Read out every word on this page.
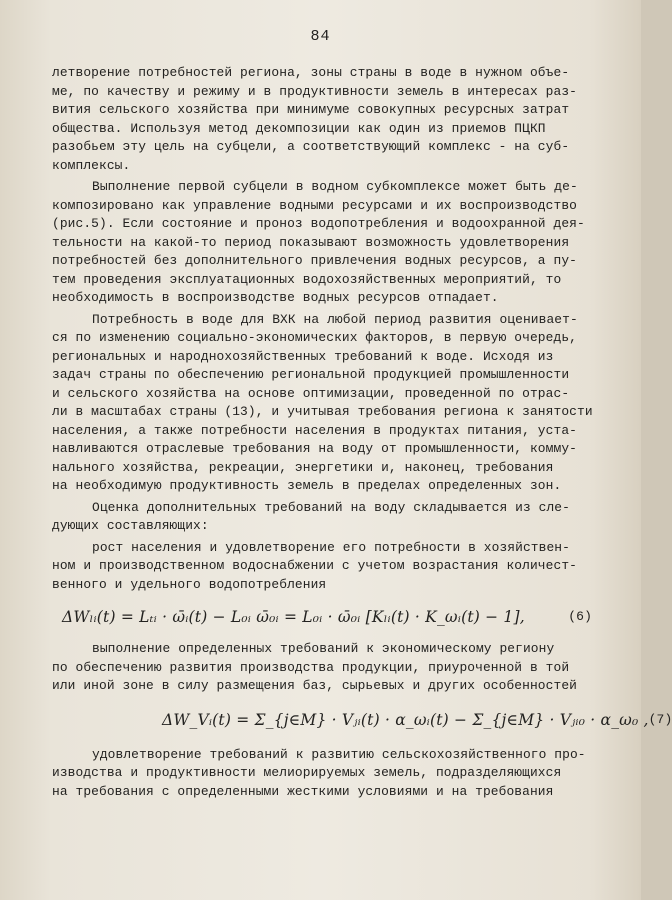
84

летворение потребностей региона, зоны страны в воде в нужном объе-

ме, по качеству и режиму и в продуктивности земель в интересах раз-

вития сельского хозяйства при минимуме совокупных ресурсных затрат

общества. Используя метод декомпозиции как один из приемов ПЦКП

разобьем эту цель на субцели, а соответствующий комплекс - на суб-

комплексы.

Выполнение первой субцели в водном субкомплексе может быть де-

композировано как управление водными ресурсами и их воспроизводство

(рис.5). Если состояние и проноз водопотребления и водоохранной дея-

тельности на какой-то период показывают возможность удовлетворения

потребностей без дополнительного привлечения водных ресурсов, а пу-

тем проведения эксплуатационных водохозяйственных мероприятий, то

необходимость в воспроизводстве водных ресурсов отпадает.

Потребность в воде для ВХК на любой период развития оценивает-

ся по изменению социально-экономических факторов, в первую очередь,

региональных и народнохозяйственных требований к воде. Исходя из

задач страны по обеспечению региональной продукцией промышленности

и сельского хозяйства на основе оптимизации, проведенной по отрас-

ли в масштабах страны (13), и учитывая требования региона к занятости

населения, а также потребности населения в продуктах питания, уста-

навливаются отраслевые требования на воду от промышленности, комму-

нального хозяйства, рекреации, энергетики и, наконец, требования

на необходимую продуктивность земель в пределах определенных зон.

Оценка дополнительных требований на воду складывается из сле-

дующих составляющих:

рост населения и удовлетворение его потребности в хозяйствен-

ном и производственном водоснабжении с учетом возрастания количест-

венного и удельного водопотребления

ΔWₗᵢ(t) = Lₜᵢ · ω̄ᵢ(t) − L₀ᵢ ω̄₀ᵢ = L₀ᵢ · ω̄₀ᵢ [Kₗᵢ(t) · K_ωᵢ(t) − 1],	(6)

выполнение определенных требований к экономическому региону

по обеспечению развития производства продукции, приуроченной в той

или иной зоне в силу размещения баз, сырьевых и других особенностей

ΔW_Vᵢ(t) = Σ_{j∈M} · Vⱼᵢ(t) · α_ωᵢ(t) − Σ_{j∈M} · Vⱼᵢ₀ · α_ω₀ , (7)

удовлетворение требований к развитию сельскохозяйственного про-

изводства и продуктивности мелиорируемых земель, подразделяющихся

на требования с определенными жесткими условиями и на требования
